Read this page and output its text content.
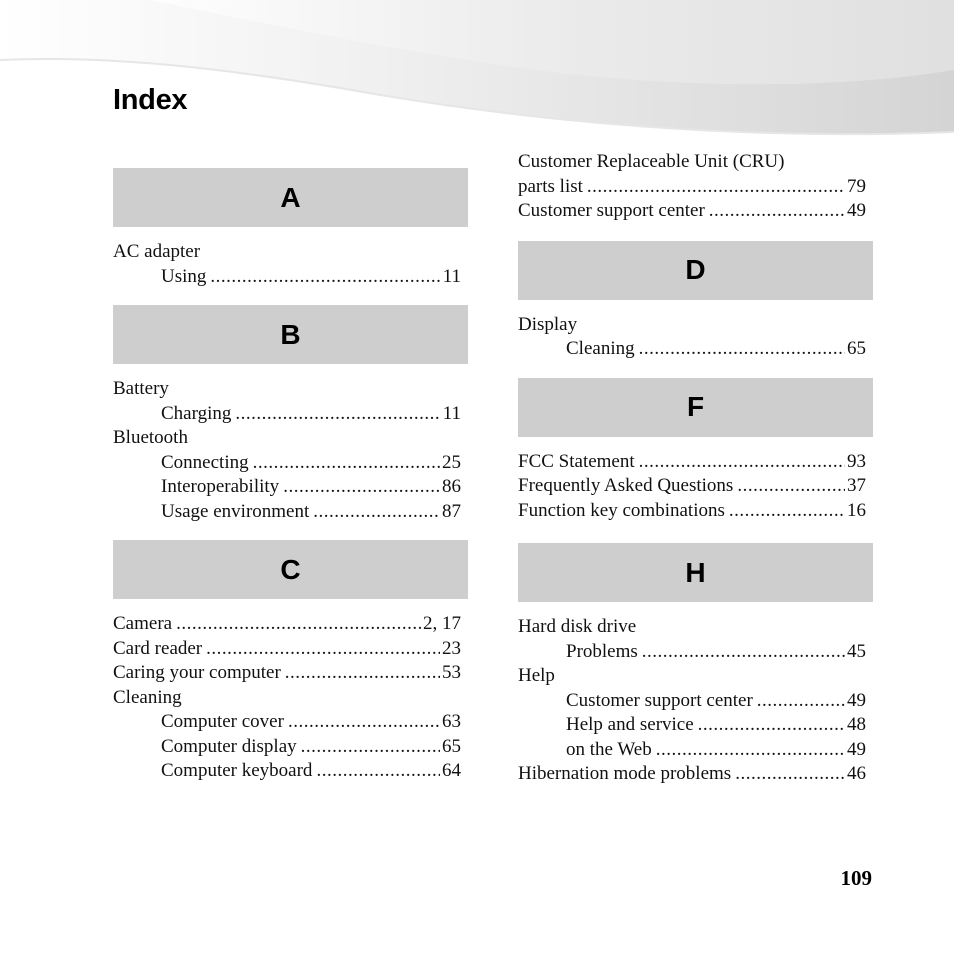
Index
A
AC adapter
Using .....	11
B
Battery
Charging .....	11
Bluetooth
Connecting .....	25
Interoperability .....	86
Usage environment .....	87
C
Camera .....	2, 17
Card reader .....	23
Caring your computer .....	53
Cleaning
Computer cover .....	63
Computer display .....	65
Computer keyboard .....	64
Customer Replaceable Unit (CRU)
parts list .....	79
Customer support center .....	49
D
Display
Cleaning .....	65
F
FCC Statement .....	93
Frequently Asked Questions .....	37
Function key combinations .....	16
H
Hard disk drive
Problems .....	45
Help
Customer support center .....	49
Help and service .....	48
on the Web .....	49
Hibernation mode problems .....	46
109
